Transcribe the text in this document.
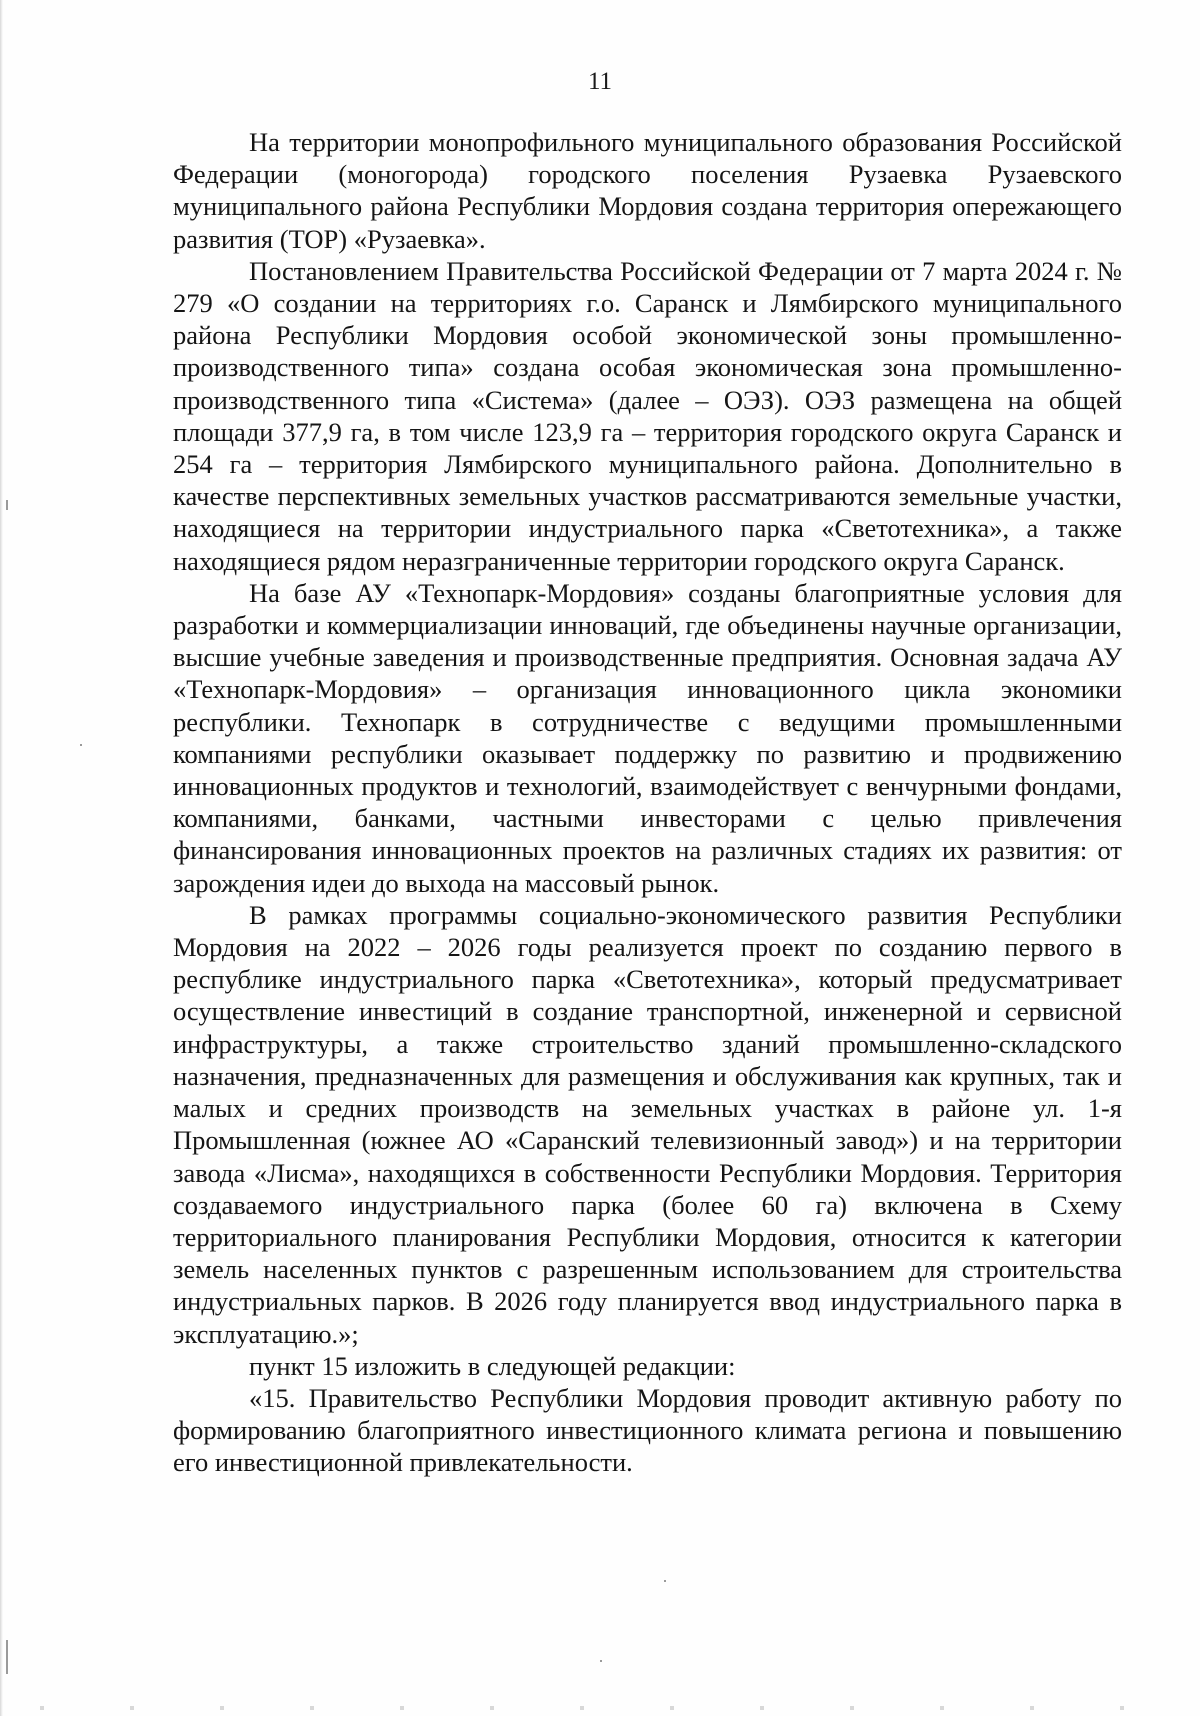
11

На территории монопрофильного муниципального образования Российской Федерации (моногорода) городского поселения Рузаевка Рузаевского муниципального района Республики Мордовия создана территория опережающего развития (ТОР) «Рузаевка».

Постановлением Правительства Российской Федерации от 7 марта 2024 г. № 279 «О создании на территориях г.о. Саранск и Лямбирского муниципального района Республики Мордовия особой экономической зоны промышленно-производственного типа» создана особая экономическая зона промышленно-производственного типа «Система» (далее – ОЭЗ). ОЭЗ размещена на общей площади 377,9 га, в том числе 123,9 га – территория городского округа Саранск и 254 га – территория Лямбирского муниципального района. Дополнительно в качестве перспективных земельных участков рассматриваются земельные участки, находящиеся на территории индустриального парка «Светотехника», а также находящиеся рядом неразграниченные территории городского округа Саранск.

На базе АУ «Технопарк-Мордовия» созданы благоприятные условия для разработки и коммерциализации инноваций, где объединены научные организации, высшие учебные заведения и производственные предприятия. Основная задача АУ «Технопарк-Мордовия» – организация инновационного цикла экономики республики. Технопарк в сотрудничестве с ведущими промышленными компаниями республики оказывает поддержку по развитию и продвижению инновационных продуктов и технологий, взаимодействует с венчурными фондами, компаниями, банками, частными инвесторами с целью привлечения финансирования инновационных проектов на различных стадиях их развития: от зарождения идеи до выхода на массовый рынок.

В рамках программы социально-экономического развития Республики Мордовия на 2022 – 2026 годы реализуется проект по созданию первого в республике индустриального парка «Светотехника», который предусматривает осуществление инвестиций в создание транспортной, инженерной и сервисной инфраструктуры, а также строительство зданий промышленно-складского назначения, предназначенных для размещения и обслуживания как крупных, так и малых и средних производств на земельных участках в районе ул. 1-я Промышленная (южнее АО «Саранский телевизионный завод») и на территории завода «Лисма», находящихся в собственности Республики Мордовия. Территория создаваемого индустриального парка (более 60 га) включена в Схему территориального планирования Республики Мордовия, относится к категории земель населенных пунктов с разрешенным использованием для строительства индустриальных парков. В 2026 году планируется ввод индустриального парка в эксплуатацию.»;

пункт 15 изложить в следующей редакции:

«15. Правительство Республики Мордовия проводит активную работу по формированию благоприятного инвестиционного климата региона и повышению его инвестиционной привлекательности.
